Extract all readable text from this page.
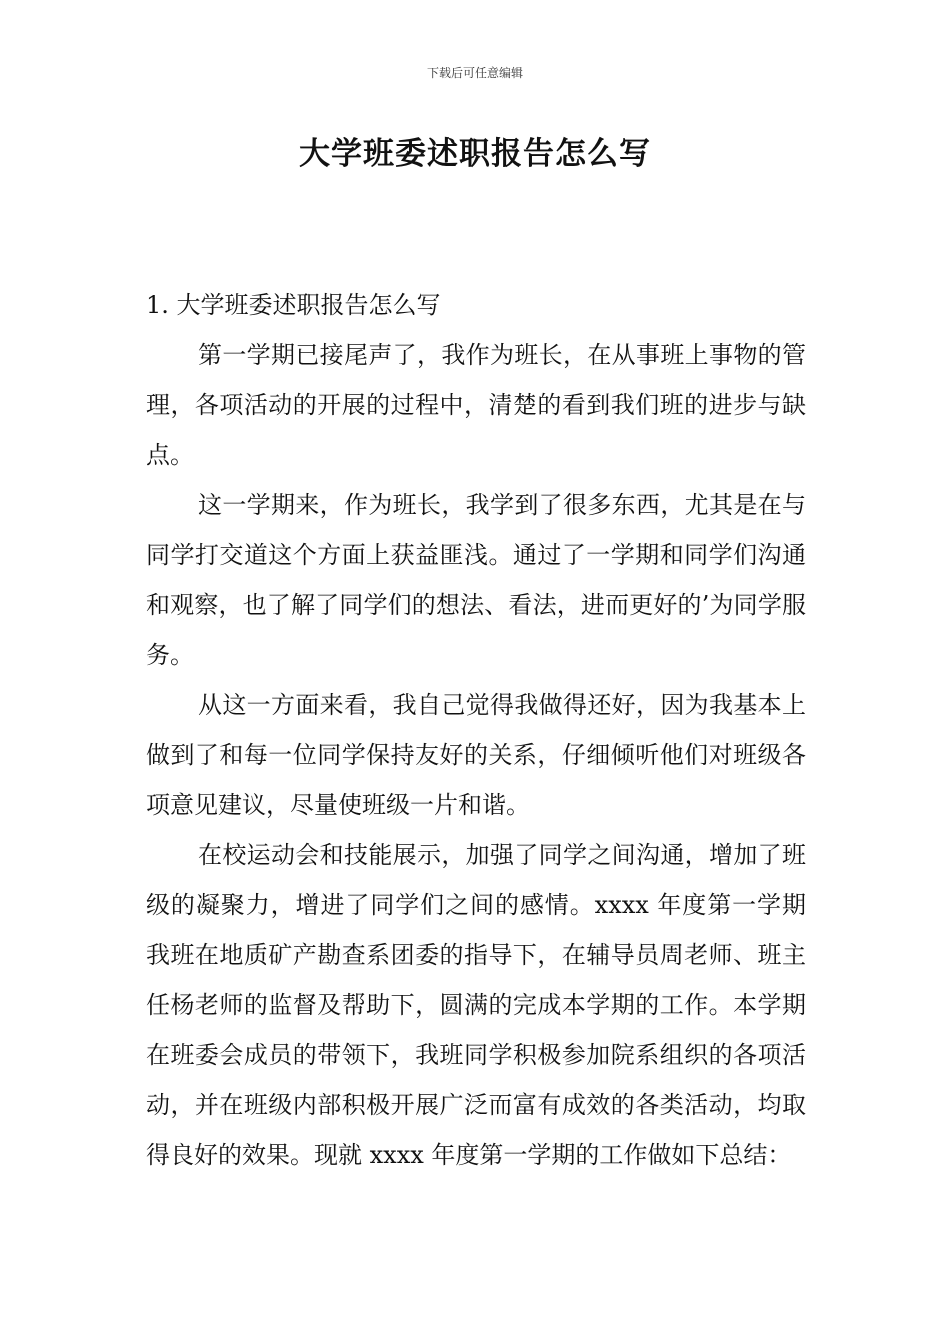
下载后可任意编辑
大学班委述职报告怎么写
1. 大学班委述职报告怎么写

第一学期已接尾声了，我作为班长，在从事班上事物的管理，各项活动的开展的过程中，清楚的看到我们班的进步与缺点。

这一学期来，作为班长，我学到了很多东西，尤其是在与同学打交道这个方面上获益匪浅。通过了一学期和同学们沟通和观察，也了解了同学们的想法、看法，进而更好的’为同学服务。

从这一方面来看，我自己觉得我做得还好，因为我基本上做到了和每一位同学保持友好的关系，仔细倾听他们对班级各项意见建议，尽量使班级一片和谐。

在校运动会和技能展示，加强了同学之间沟通，增加了班级的凝聚力，增进了同学们之间的感情。xxxx 年度第一学期我班在地质矿产勘查系团委的指导下，在辅导员周老师、班主任杨老师的监督及帮助下，圆满的完成本学期的工作。本学期在班委会成员的带领下，我班同学积极参加院系组织的各项活动，并在班级内部积极开展广泛而富有成效的各类活动，均取得良好的效果。现就 xxxx 年度第一学期的工作做如下总结：
